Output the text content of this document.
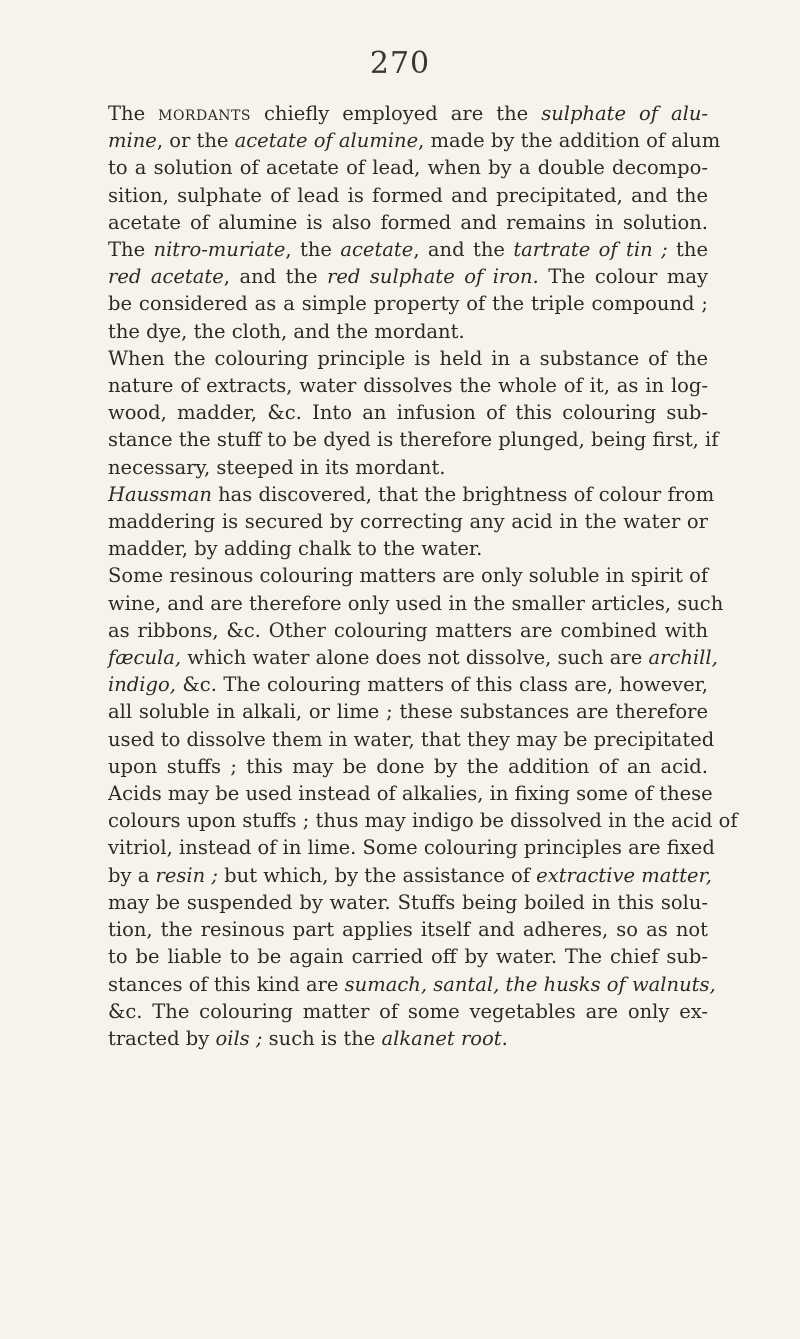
270
The mordants chiefly employed are the sulphate of alu-
mine, or the acetate of alumine, made by the addition of alum
to a solution of acetate of lead, when by a double decompo-
sition, sulphate of lead is formed and precipitated, and the
acetate of alumine is also formed and remains in solution.
The nitro-muriate, the acetate, and the tartrate of tin ; the
red acetate, and the red sulphate of iron. The colour may
be considered as a simple property of the triple compound ;
the dye, the cloth, and the mordant.
When the colouring principle is held in a substance of the
nature of extracts, water dissolves the whole of it, as in log-
wood, madder, &c. Into an infusion of this colouring sub-
stance the stuff to be dyed is therefore plunged, being first, if
necessary, steeped in its mordant.
Haussman has discovered, that the brightness of colour from
maddering is secured by correcting any acid in the water or
madder, by adding chalk to the water.
Some resinous colouring matters are only soluble in spirit of
wine, and are therefore only used in the smaller articles, such
as ribbons, &c. Other colouring matters are combined with
fæcula, which water alone does not dissolve, such are archill,
indigo, &c. The colouring matters of this class are, however,
all soluble in alkali, or lime ; these substances are therefore
used to dissolve them in water, that they may be precipitated
upon stuffs ; this may be done by the addition of an acid.
Acids may be used instead of alkalies, in fixing some of these
colours upon stuffs ; thus may indigo be dissolved in the acid of
vitriol, instead of in lime. Some colouring principles are fixed
by a resin ; but which, by the assistance of extractive matter,
may be suspended by water. Stuffs being boiled in this solu-
tion, the resinous part applies itself and adheres, so as not
to be liable to be again carried off by water. The chief sub-
stances of this kind are sumach, santal, the husks of walnuts,
&c. The colouring matter of some vegetables are only ex-
tracted by oils ; such is the alkanet root.
